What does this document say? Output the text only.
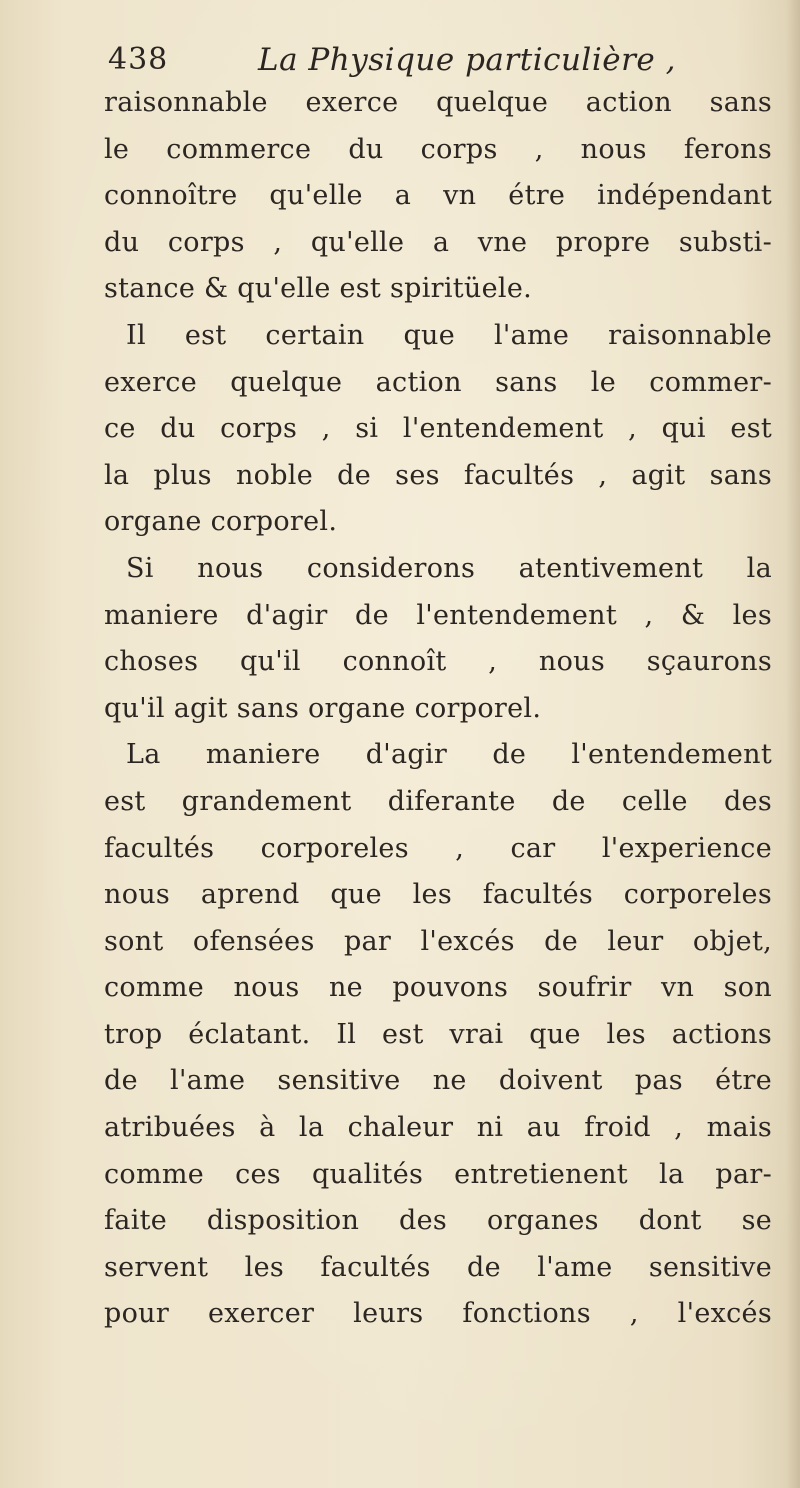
438	La Physique particulière ,
raisonnable exerce quelque action sans
le commerce du corps , nous ferons
connoître qu'elle a vn étre indépendant
du corps , qu'elle a vne propre substi-
stance & qu'elle est spiritüele.
Il est certain que l'ame raisonnable
exerce quelque action sans le commer-
ce du corps , si l'entendement , qui est
la plus noble de ses facultés , agit sans
organe corporel.
Si nous considerons atentivement la
maniere d'agir de l'entendement , & les
choses qu'il connoît , nous sçaurons
qu'il agit sans organe corporel.
La maniere d'agir de l'entendement
est grandement diferante de celle des
facultés corporeles , car l'experience
nous aprend que les facultés corporeles
sont ofensées par l'excés de leur objet,
comme nous ne pouvons soufrir vn son
trop éclatant. Il est vrai que les actions
de l'ame sensitive ne doivent pas étre
atribuées à la chaleur ni au froid , mais
comme ces qualités entretienent la par-
faite disposition des organes dont se
servent les facultés de l'ame sensitive
pour exercer leurs fonctions , l'excés
